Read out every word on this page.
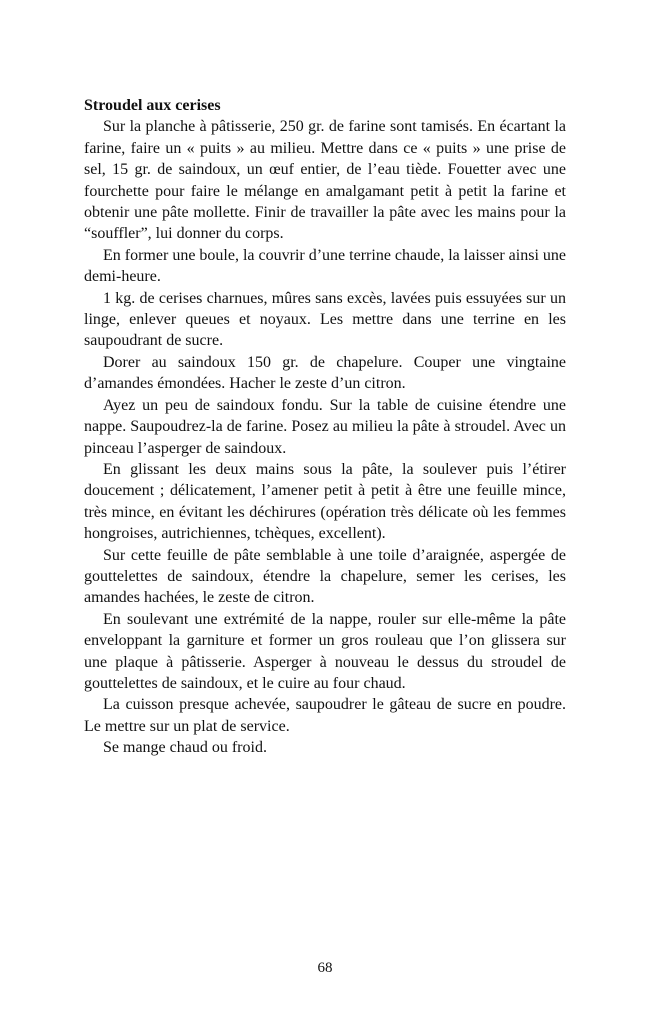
Stroudel aux cerises

Sur la planche à pâtisserie, 250 gr. de farine sont tamisés. En écartant la farine, faire un « puits » au milieu. Mettre dans ce « puits » une prise de sel, 15 gr. de saindoux, un œuf entier, de l’eau tiède. Fouetter avec une fourchette pour faire le mélange en amalgamant petit à petit la farine et obtenir une pâte mollette. Finir de travailler la pâte avec les mains pour la “souffler”, lui donner du corps.

En former une boule, la couvrir d’une terrine chaude, la laisser ainsi une demi-heure.

1 kg. de cerises charnues, mûres sans excès, lavées puis essuyées sur un linge, enlever queues et noyaux. Les mettre dans une terrine en les saupoudrant de sucre.

Dorer au saindoux 150 gr. de chapelure. Couper une vingtaine d’amandes émondées. Hacher le zeste d’un citron.

Ayez un peu de saindoux fondu. Sur la table de cuisine étendre une nappe. Saupoudrez-la de farine. Posez au milieu la pâte à stroudel. Avec un pinceau l’asperger de saindoux.

En glissant les deux mains sous la pâte, la soulever puis l’étirer doucement ; délicatement, l’amener petit à petit à être une feuille mince, très mince, en évitant les déchirures (opération très délicate où les femmes hongroises, autrichiennes, tchèques, excellent).

Sur cette feuille de pâte semblable à une toile d’araignée, aspergée de gouttelettes de saindoux, étendre la chapelure, semer les cerises, les amandes hachées, le zeste de citron.

En soulevant une extrémité de la nappe, rouler sur elle-même la pâte enveloppant la garniture et former un gros rouleau que l’on glissera sur une plaque à pâtisserie. Asperger à nouveau le dessus du stroudel de gouttelettes de saindoux, et le cuire au four chaud.

La cuisson presque achevée, saupoudrer le gâteau de sucre en poudre. Le mettre sur un plat de service.

Se mange chaud ou froid.

68
